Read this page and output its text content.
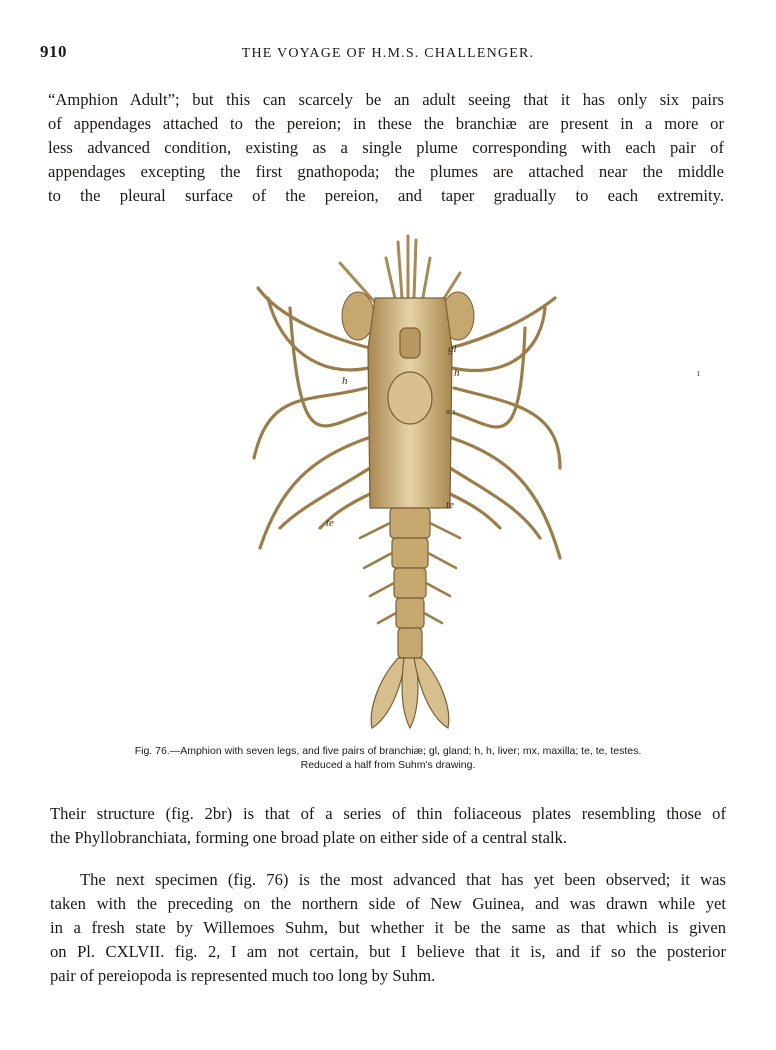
910	THE VOYAGE OF H.M.S. CHALLENGER.

“Amphion Adult”; but this can scarcely be an adult seeing that it has only six pairs
of appendages attached to the pereion; in these the branchiæ are present in a more or
less advanced condition, existing as a single plume corresponding with each pair of
appendages excepting the first gnathopoda; the plumes are attached near the middle
to the pleural surface of the pereion, and taper gradually to each extremity.

gl
h
h
mx
te
te
ı
Fig. 76.—Amphion with seven legs, and five pairs of branchiæ; gl, gland; h, h, liver; mx, maxilla; te, te, testes.
Reduced a half from Suhm's drawing.

Their structure (fig. 2br) is that of a series of thin foliaceous plates resembling those of
the Phyllobranchiata, forming one broad plate on either side of a central stalk.

The next specimen (fig. 76) is the most advanced that has yet been observed; it was
taken with the preceding on the northern side of New Guinea, and was drawn while yet
in a fresh state by Willemoes Suhm, but whether it be the same as that which is given
on Pl. CXLVII. fig. 2, I am not certain, but I believe that it is, and if so the posterior
pair of pereiopoda is represented much too long by Suhm.
